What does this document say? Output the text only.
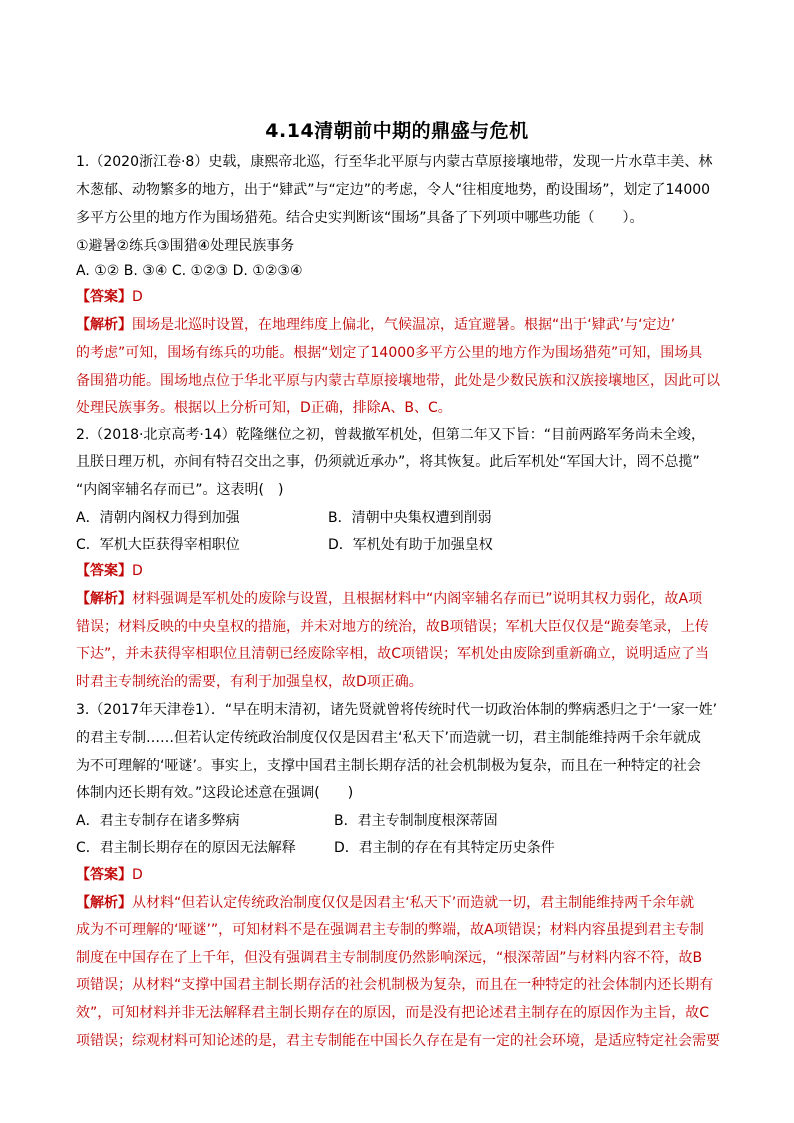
4.14清朝前中期的鼎盛与危机
1.（2020浙江卷·8）史载，康熙帝北巡，行至华北平原与内蒙古草原接壤地带，发现一片水草丰美、林
木葱郁、动物繁多的地方，出于“肄武”与“定边”的考虑，令人“往相度地势，酌设围场”，划定了14000
多平方公里的地方作为围场猎苑。结合史实判断该“围场”具备了下列项中哪些功能（　　）。
①避暑②练兵③围猎④处理民族事务
A. ①② B. ③④ C. ①②③ D. ①②③④
【答案】D
【解析】围场是北巡时设置，在地理纬度上偏北，气候温凉，适宜避暑。根据“出于‘肄武’与‘定边’
的考虑”可知，围场有练兵的功能。根据“划定了14000多平方公里的地方作为围场猎苑”可知，围场具
备围猎功能。围场地点位于华北平原与内蒙古草原接壤地带，此处是少数民族和汉族接壤地区，因此可以
处理民族事务。根据以上分析可知，D正确，排除A、B、C。
2.（2018·北京高考·14）乾隆继位之初，曾裁撤军机处，但第二年又下旨：“目前两路军务尚未全竣，
且朕日理万机，亦间有特召交出之事，仍须就近承办”，将其恢复。此后军机处“军国大计，罔不总揽”
“内阁宰辅名存而已”。这表明(　)
A．清朝内阁权力得到加强	B．清朝中央集权遭到削弱
C．军机大臣获得宰相职位	D．军机处有助于加强皇权
【答案】D
【解析】材料强调是军机处的废除与设置，且根据材料中“内阁宰辅名存而已”说明其权力弱化，故A项
错误；材料反映的中央皇权的措施，并未对地方的统治，故B项错误；军机大臣仅仅是“跪奏笔录，上传
下达”，并未获得宰相职位且清朝已经废除宰相，故C项错误；军机处由废除到重新确立，说明适应了当
时君主专制统治的需要，有利于加强皇权，故D项正确。
3.（2017年天津卷1）．“早在明末清初，诸先贤就曾将传统时代一切政治体制的弊病悉归之于‘一家一姓’
的君主专制……但若认定传统政治制度仅仅是因君主‘私天下’而造就一切，君主制能维持两千余年就成
为不可理解的‘哑谜’。事实上，支撑中国君主制长期存活的社会机制极为复杂，而且在一种特定的社会
体制内还长期有效。”这段论述意在强调(　　)
A．君主专制存在诸多弊病	B．君主专制制度根深蒂固
C．君主制长期存在的原因无法解释	D．君主制的存在有其特定历史条件
【答案】D
【解析】从材料“但若认定传统政治制度仅仅是因君主‘私天下’而造就一切，君主制能维持两千余年就
成为不可理解的‘哑谜’”，可知材料不是在强调君主专制的弊端，故A项错误；材料内容虽提到君主专制
制度在中国存在了上千年，但没有强调君主专制制度仍然影响深远，“根深蒂固”与材料内容不符，故B
项错误；从材料“支撑中国君主制长期存活的社会机制极为复杂，而且在一种特定的社会体制内还长期有
效”，可知材料并非无法解释君主制长期存在的原因，而是没有把论述君主制存在的原因作为主旨，故C
项错误；综观材料可知论述的是，君主专制能在中国长久存在是有一定的社会环境，是适应特定社会需要
